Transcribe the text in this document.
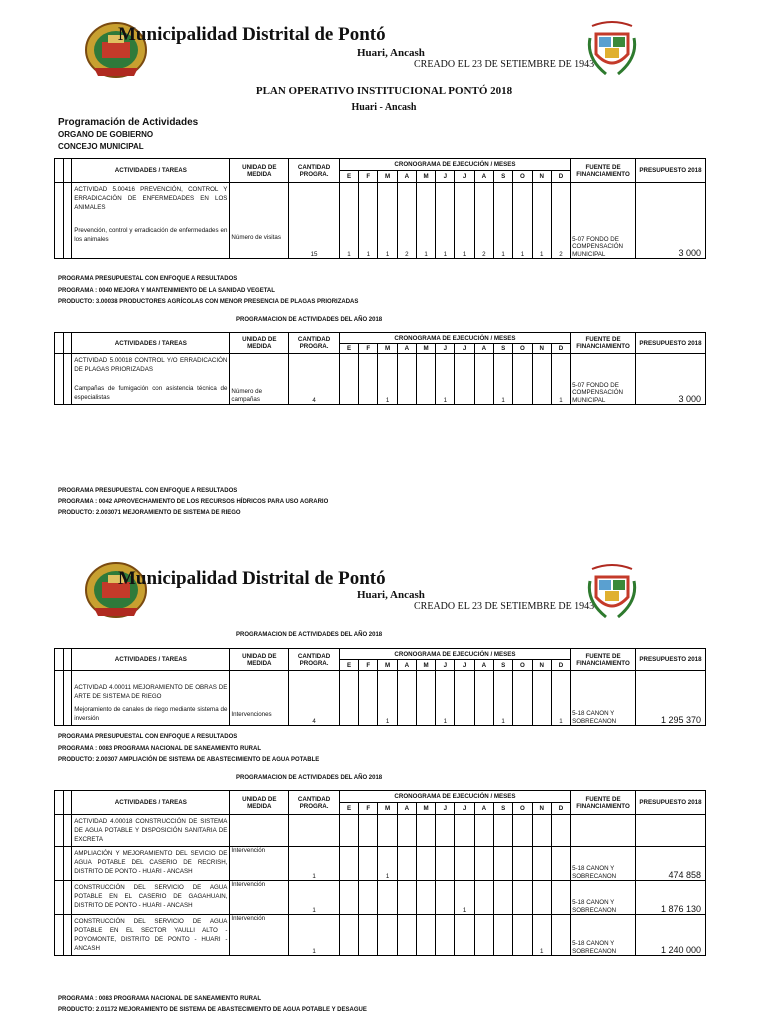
Municipalidad Distrital de Pontó
Huari, Ancash
CREADO EL 23 DE SETIEMBRE DE 1943
PLAN OPERATIVO INSTITUCIONAL PONTÓ 2018
Huari - Ancash
Programación de Actividades
ORGANO DE GOBIERNO
CONCEJO MUNICIPAL
		ACTIVIDADES / TAREAS	UNIDAD DE MEDIDA	CANTIDAD PROGRA.	CRONOGRAMA DE EJECUCIÓN / MESES												FUENTE DE FINANCIAMIENTO	PRESUPUESTO 2018
					E	F	M	A	M	J	J	A	S	O	N	D		

		ACTIVIDAD 5.00416 PREVENCIÓN, CONTROL Y ERRADICACIÓN DE ENFERMEDADES EN LOS ANIMALES
Prevención, control y erradicación de enfermedades en los animales	Número de visitas	15	1	1	1	2	1	1	1	2	1	1	1	2	5-07 FONDO DE COMPENSACIÓN MUNICIPAL	3 000
PROGRAMA PRESUPUESTAL CON ENFOQUE A RESULTADOS
PROGRAMA : 0040 MEJORA Y MANTENIMIENTO DE LA SANIDAD VEGETAL
PRODUCTO: 3.00038 PRODUCTORES AGRÍCOLAS CON MENOR PRESENCIA DE PLAGAS PRIORIZADAS
PROGRAMACION DE ACTIVIDADES DEL AÑO 2018
		ACTIVIDADES / TAREAS	UNIDAD DE MEDIDA	CANTIDAD PROGRA.	CRONOGRAMA DE EJECUCIÓN / MESES												FUENTE DE FINANCIAMIENTO	PRESUPUESTO 2018
					E	F	M	A	M	J	J	A	S	O	N	D		

		ACTIVIDAD 5.00018 CONTROL Y/O ERRADICACIÓN DE PLAGAS PRIORIZADAS
Campañas de fumigación con asistencia técnica de especialistas	Número de campañas	4			1			1			1			1	5-07 FONDO DE COMPENSACIÓN MUNICIPAL	3 000
PROGRAMA PRESUPUESTAL CON ENFOQUE A RESULTADOS
PROGRAMA : 0042 APROVECHAMIENTO DE LOS RECURSOS HÍDRICOS PARA USO AGRARIO
PRODUCTO: 2.003071 MEJORAMIENTO DE SISTEMA DE RIEGO
Municipalidad Distrital de Pontó
Huari, Ancash
CREADO EL 23 DE SETIEMBRE DE 1943
PROGRAMACION DE ACTIVIDADES DEL AÑO 2018
		ACTIVIDADES / TAREAS	UNIDAD DE MEDIDA	CANTIDAD PROGRA.	CRONOGRAMA DE EJECUCIÓN / MESES												FUENTE DE FINANCIAMIENTO	PRESUPUESTO 2018
					E	F	M	A	M	J	J	A	S	O	N	D		

		ACTIVIDAD 4.00011 MEJORAMIENTO DE OBRAS DE ARTE DE SISTEMA DE RIEGO
Mejoramiento de canales de riego mediante sistema de inversión	Intervenciones	4			1			1			1			1	5-18 CANON Y SOBRECANON	1 295 370
PROGRAMA PRESUPUESTAL CON ENFOQUE A RESULTADOS
PROGRAMA : 0083 PROGRAMA NACIONAL DE SANEAMIENTO RURAL
PRODUCTO: 2.00307 AMPLIACIÓN DE SISTEMA DE ABASTECIMIENTO DE AGUA POTABLE
PROGRAMACION DE ACTIVIDADES DEL AÑO 2018
		ACTIVIDADES / TAREAS	UNIDAD DE MEDIDA	CANTIDAD PROGRA.	CRONOGRAMA DE EJECUCIÓN / MESES												FUENTE DE FINANCIAMIENTO	PRESUPUESTO 2018
					E	F	M	A	M	J	J	A	S	O	N	D		
		ACTIVIDAD 4.00018 CONSTRUCCIÓN DE SISTEMA DE AGUA POTABLE Y DISPOSICIÓN SANITARIA DE EXCRETA																
		AMPLIACIÓN Y MEJORAMIENTO DEL SEVICIO DE AGUA POTABLE DEL CASERIO DE RECRISH, DISTRITO DE PONTO - HUARI - ANCASH	Intervención	1			1										5-18 CANON Y SOBRECANON	474 858
		CONSTRUCCIÓN DEL SERVICIO DE AGUA POTABLE EN EL CASERIO DE GAGAHUAIN, DISTRITO DE PONTO - HUARI - ANCASH	Intervención	1							1						5-18 CANON Y SOBRECANON	1 876 130
		CONSTRUCCIÓN DEL SERVICIO DE AGUA POTABLE EN EL SECTOR YAULLI ALTO - POYOMONTE, DISTRITO DE PONTO - HUARI - ANCASH	Intervención	1											1		5-18 CANON Y SOBRECANON	1 240 000
PROGRAMA : 0083 PROGRAMA NACIONAL DE SANEAMIENTO RURAL
PRODUCTO: 2.01172 MEJORAMIENTO DE SISTEMA DE ABASTECIMIENTO DE AGUA POTABLE Y DESAGUE
